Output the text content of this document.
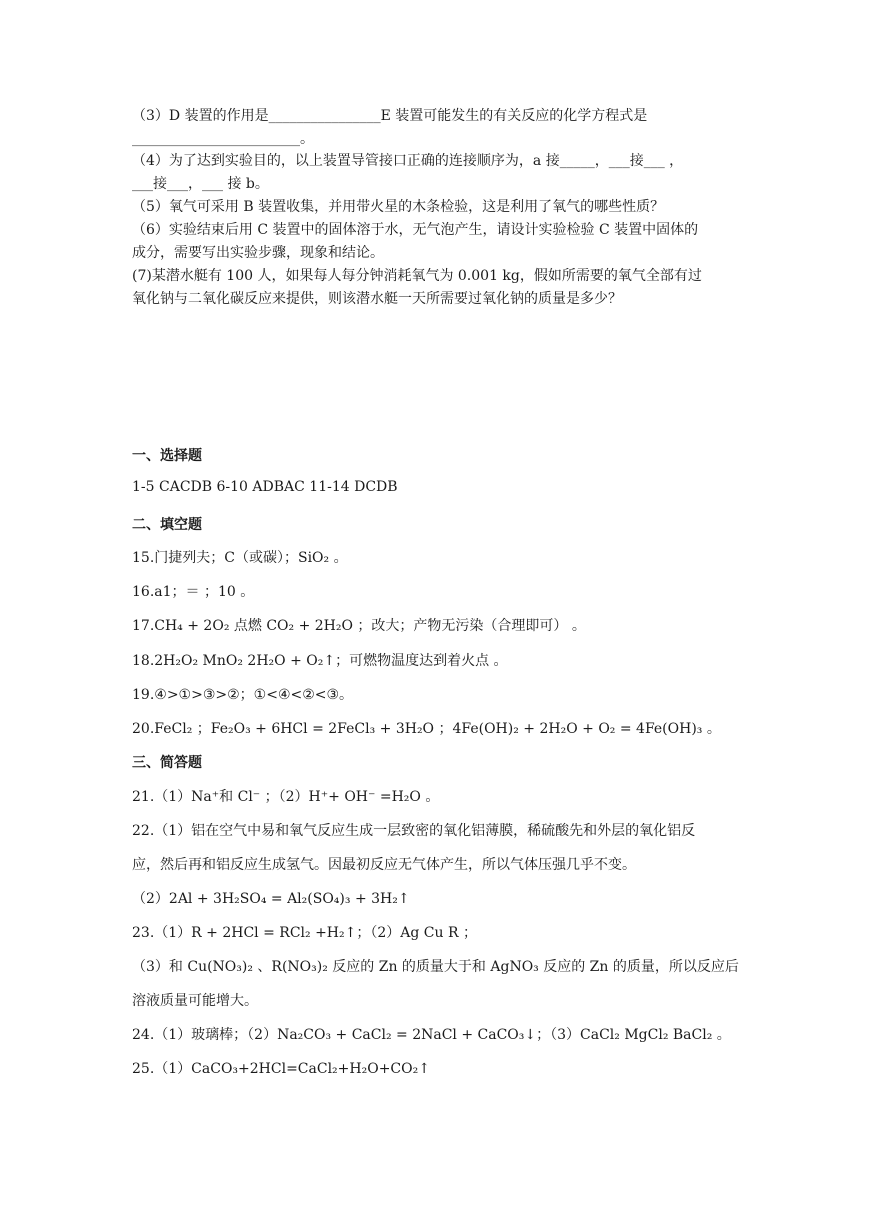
（3）D 装置的作用是________________E 装置可能发生的有关反应的化学方程式是
________________________。
（4）为了达到实验目的，以上装置导管接口正确的连接顺序为，a 接_____，___接___ ，
___接___，___ 接 b。
（5）氧气可采用 B 装置收集，并用带火星的木条检验，这是利用了氧气的哪些性质？
（6）实验结束后用 C 装置中的固体溶于水，无气泡产生，请设计实验检验 C 装置中固体的
成分，需要写出实验步骤，现象和结论。
(7)某潜水艇有 100 人，如果每人每分钟消耗氧气为 0.001 kg，假如所需要的氧气全部有过
氧化钠与二氧化碳反应来提供，则该潜水艇一天所需要过氧化钠的质量是多少？
一、选择题
1-5 CACDB 6-10 ADBAC 11-14 DCDB
二、填空题
15.门捷列夫；C（或碳）；SiO₂ 。
16.a1；＝ ；10 。
17.CH₄ + 2O₂ 点燃 CO₂ + 2H₂O ；改大；产物无污染（合理即可） 。
18.2H₂O₂ MnO₂ 2H₂O + O₂↑；可燃物温度达到着火点 。
19.④>①>③>②；①<④<②<③。
20.FeCl₂ ；Fe₂O₃ + 6HCl = 2FeCl₃ + 3H₂O ；4Fe(OH)₂ + 2H₂O + O₂ = 4Fe(OH)₃ 。
三、简答题
21.（1）Na⁺和 Cl⁻ ；（2）H⁺+ OH⁻ =H₂O 。
22.（1）铝在空气中易和氧气反应生成一层致密的氧化铝薄膜，稀硫酸先和外层的氧化铝反
应，然后再和铝反应生成氢气。因最初反应无气体产生，所以气体压强几乎不变。
（2）2Al + 3H₂SO₄ = Al₂(SO₄)₃ + 3H₂↑
23.（1）R + 2HCl = RCl₂ +H₂↑；（2）Ag Cu R ；
（3）和 Cu(NO₃)₂ 、R(NO₃)₂ 反应的 Zn 的质量大于和 AgNO₃ 反应的 Zn 的质量，所以反应后
溶液质量可能增大。
24.（1）玻璃棒；（2）Na₂CO₃ + CaCl₂ = 2NaCl + CaCO₃↓；（3）CaCl₂ MgCl₂ BaCl₂ 。
25.（1）CaCO₃+2HCl=CaCl₂+H₂O+CO₂↑
